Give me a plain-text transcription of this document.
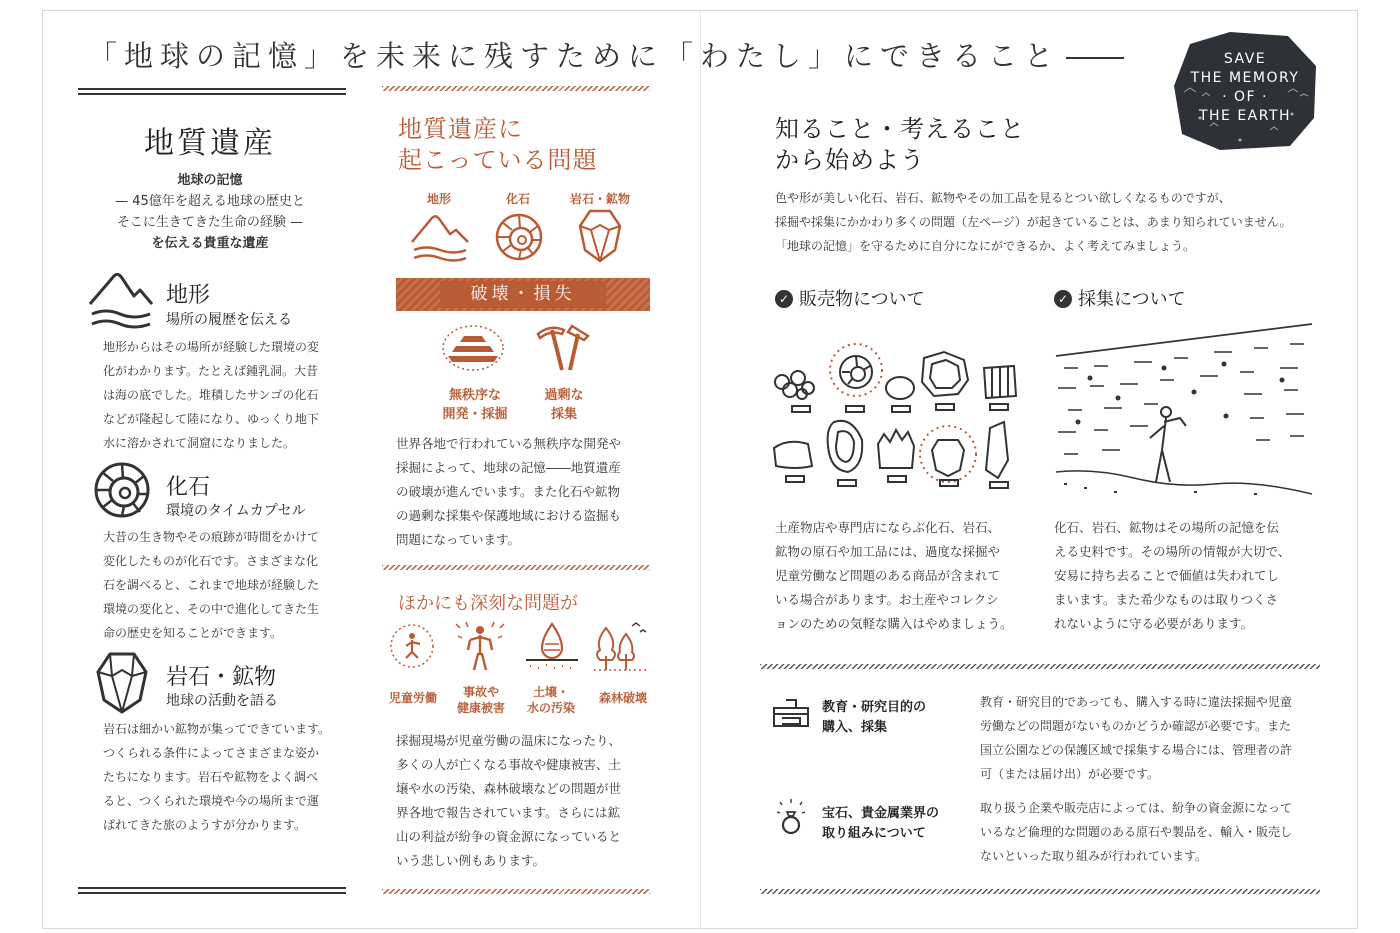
「地球の記憶」を未来に残すために「わたし」にできること	SAVE
THE MEMORY
· OF ·
THE EARTH
地質遺産
地球の記憶
— 45億年を超える地球の歴史と
そこに生きてきた生命の経験 —
を伝える貴重な遺産
地形
場所の履歴を伝える
地形からはその場所が経験した環境の変
化がわかります。たとえば鍾乳洞。大昔
は海の底でした。堆積したサンゴの化石
などが隆起して陸になり、ゆっくり地下
水に溶かされて洞窟になりました。
化石
環境のタイムカプセル
大昔の生き物やその痕跡が時間をかけて
変化したものが化石です。さまざまな化
石を調べると、これまで地球が経験した
環境の変化と、その中で進化してきた生
命の歴史を知ることができます。
岩石・鉱物
地球の活動を語る
岩石は細かい鉱物が集ってできています。
つくられる条件によってさまざまな姿か
たちになります。岩石や鉱物をよく調べ
ると、つくられた環境や今の場所まで運
ばれてきた旅のようすが分かります。
地質遺産に
起こっている問題
地形	化石	岩石・鉱物
破壊・損失
無秩序な
開発・採掘
過剰な
採集
世界各地で行われている無秩序な開発や
採掘によって、地球の記憶――地質遺産
の破壊が進んでいます。また化石や鉱物
の過剰な採集や保護地域における盗掘も
問題になっています。
ほかにも深刻な問題が
児童労働	事故や
健康被害
土壌・
水の汚染
森林破壊
採掘現場が児童労働の温床になったり、
多くの人が亡くなる事故や健康被害、土
壌や水の汚染、森林破壊などの問題が世
界各地で報告されています。さらには鉱
山の利益が紛争の資金源になっていると
いう悲しい例もあります。
知ること・考えること
から始めよう
色や形が美しい化石、岩石、鉱物やその加工品を見るとつい欲しくなるものですが、
採掘や採集にかかわり多くの問題（左ページ）が起きていることは、あまり知られていません。
「地球の記憶」を守るために自分になにができるか、よく考えてみましょう。
✓ 販売物について	✓ 採集について
土産物店や専門店にならぶ化石、岩石、
鉱物の原石や加工品には、過度な採掘や
児童労働など問題のある商品が含まれて
いる場合があります。お土産やコレクシ
ョンのための気軽な購入はやめましょう。
化石、岩石、鉱物はその場所の記憶を伝
える史料です。その場所の情報が大切で、
安易に持ち去ることで価値は失われてし
まいます。また希少なものは取りつくさ
れないように守る必要があります。
教育・研究目的の
購入、採集
教育・研究目的であっても、購入する時に違法採掘や児童
労働などの問題がないものかどうか確認が必要です。また
国立公園などの保護区域で採集する場合には、管理者の許
可（または届け出）が必要です。
宝石、貴金属業界の
取り組みについて
取り扱う企業や販売店によっては、紛争の資金源になって
いるなど倫理的な問題のある原石や製品を、輸入・販売し
ないといった取り組みが行われています。
